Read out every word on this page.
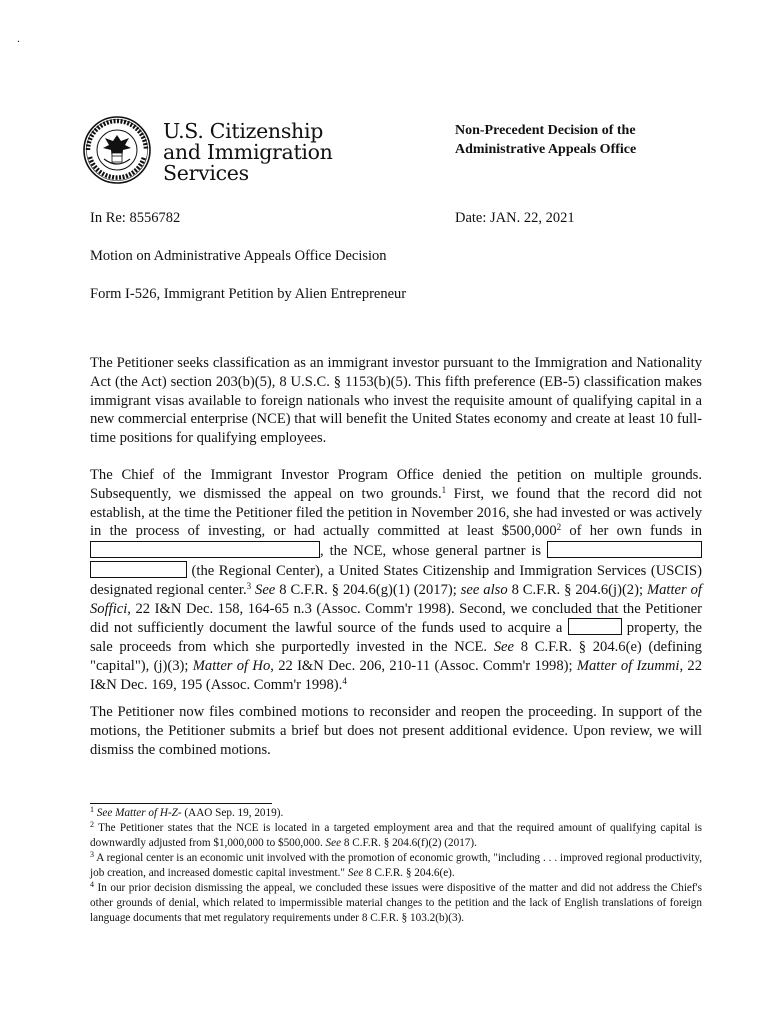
.
U.S. Citizenship
and Immigration
Services
Non-Precedent Decision of the
Administrative Appeals Office
In Re: 8556782	Date: JAN. 22, 2021
Motion on Administrative Appeals Office Decision
Form I-526, Immigrant Petition by Alien Entrepreneur

The Petitioner seeks classification as an immigrant investor pursuant to the Immigration and Nationality Act (the Act) section 203(b)(5), 8 U.S.C. § 1153(b)(5). This fifth preference (EB-5) classification makes immigrant visas available to foreign nationals who invest the requisite amount of qualifying capital in a new commercial enterprise (NCE) that will benefit the United States economy and create at least 10 full-time positions for qualifying employees.

The Chief of the Immigrant Investor Program Office denied the petition on multiple grounds. Subsequently, we dismissed the appeal on two grounds.$^1$ First, we found that the record did not establish, at the time the Petitioner filed the petition in November 2016, she had invested or was actively in the process of investing, or had actually committed at least $500,000$^2$ of her own funds in , the NCE, whose general partner is   (the Regional Center), a United States Citizenship and Immigration Services (USCIS) designated regional center.$^3$ See 8 C.F.R. § 204.6(g)(1) (2017); see also 8 C.F.R. § 204.6(j)(2); Matter of Soffici, 22 I&N Dec. 158, 164-65 n.3 (Assoc. Comm'r 1998). Second, we concluded that the Petitioner did not sufficiently document the lawful source of the funds used to acquire a	property, the sale proceeds from which she purportedly invested in the NCE. See 8 C.F.R. § 204.6(e) (defining "capital"), (j)(3); Matter of Ho, 22 I&N Dec. 206, 210-11 (Assoc. Comm'r 1998); Matter of Izummi, 22 I&N Dec. 169, 195 (Assoc. Comm'r 1998).$^4$

The Petitioner now files combined motions to reconsider and reopen the proceeding. In support of the motions, the Petitioner submits a brief but does not present additional evidence. Upon review, we will dismiss the combined motions.

$^1$ See Matter of H-Z- (AAO Sep. 19, 2019).

$^2$ The Petitioner states that the NCE is located in a targeted employment area and that the required amount of qualifying capital is downwardly adjusted from $1,000,000 to $500,000. See 8 C.F.R. § 204.6(f)(2) (2017).

$^3$ A regional center is an economic unit involved with the promotion of economic growth, "including . . . improved regional productivity, job creation, and increased domestic capital investment." See 8 C.F.R. § 204.6(e).

$^4$ In our prior decision dismissing the appeal, we concluded these issues were dispositive of the matter and did not address the Chief's other grounds of denial, which related to impermissible material changes to the petition and the lack of English translations of foreign language documents that met regulatory requirements under 8 C.F.R. § 103.2(b)(3).
